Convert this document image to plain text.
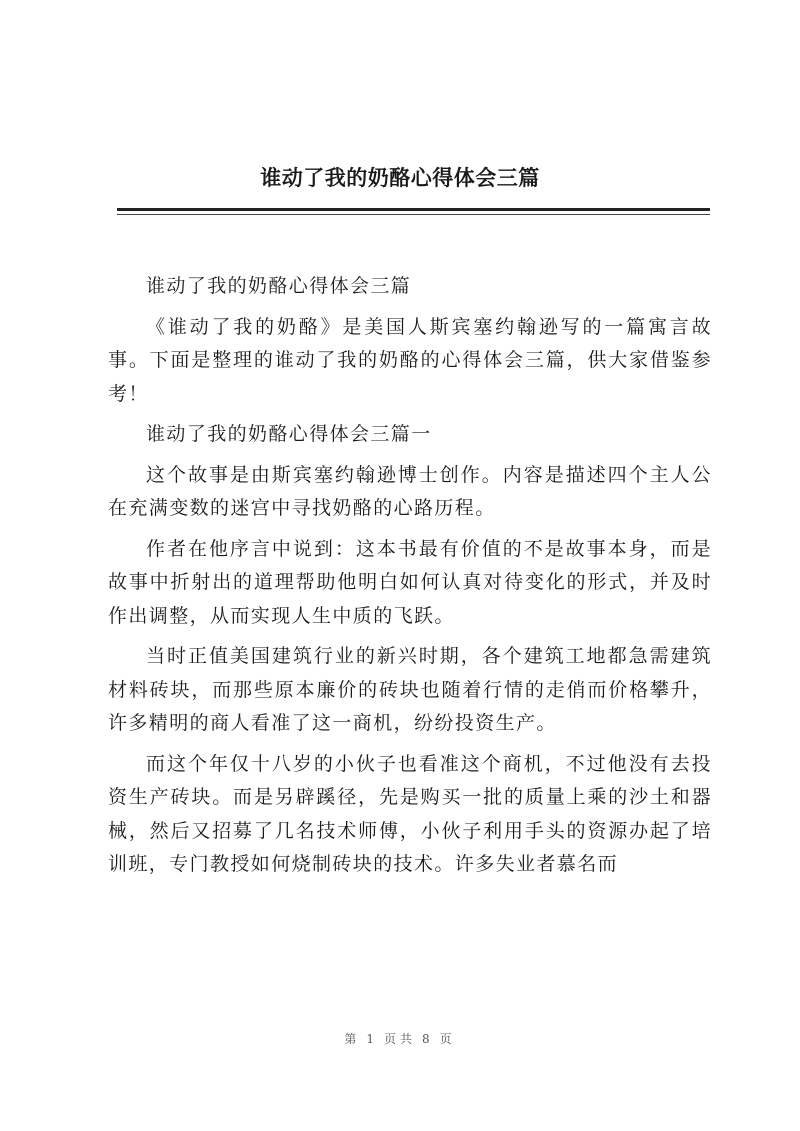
谁动了我的奶酪心得体会三篇

谁动了我的奶酪心得体会三篇

《谁动了我的奶酪》是美国人斯宾塞约翰逊写的一篇寓言故事。下面是整理的谁动了我的奶酪的心得体会三篇，供大家借鉴参考！

谁动了我的奶酪心得体会三篇一

这个故事是由斯宾塞约翰逊博士创作。内容是描述四个主人公在充满变数的迷宫中寻找奶酪的心路历程。

作者在他序言中说到：这本书最有价值的不是故事本身，而是故事中折射出的道理帮助他明白如何认真对待变化的形式，并及时作出调整，从而实现人生中质的飞跃。

当时正值美国建筑行业的新兴时期，各个建筑工地都急需建筑材料砖块，而那些原本廉价的砖块也随着行情的走俏而价格攀升，许多精明的商人看准了这一商机，纷纷投资生产。

而这个年仅十八岁的小伙子也看准这个商机，不过他没有去投资生产砖块。而是另辟蹊径，先是购买一批的质量上乘的沙土和器械，然后又招募了几名技术师傅，小伙子利用手头的资源办起了培训班，专门教授如何烧制砖块的技术。许多失业者慕名而

第 1 页共 8 页
